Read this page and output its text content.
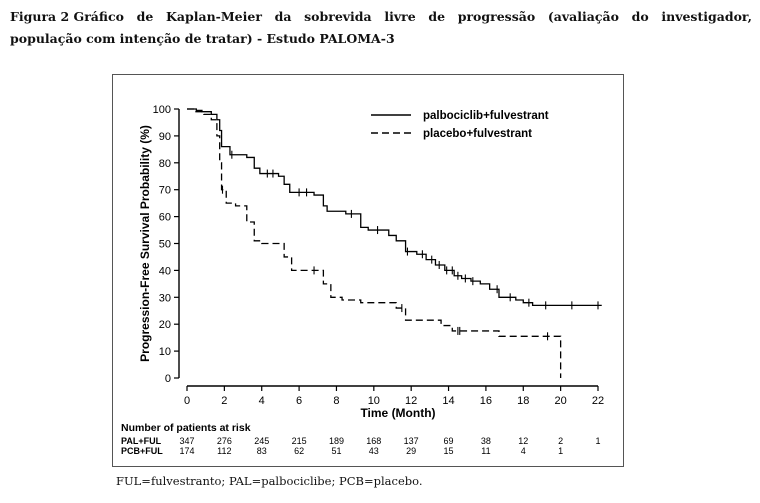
Figura 2 Gráfico de Kaplan-Meier da sobrevida livre de progressão (avaliação do investigador,
população com intenção de tratar) - Estudo PALOMA-3
0
10
20
30
40
50
60
70
80
90
100
0	2	4	6	8	10 12 14 16 18 20 22
Time (Month)
Progression-Free Survival Probability (%)
palbociclib+fulvestrant
placebo+fulvestrant
Number of patients at risk
PAL+FUL 347 276 245 215 189 168 137	69	38	12	2	1
PCB+FUL 174	112	83	62	51	43	29	15	11	4	1
FUL=fulvestranto; PAL=palbociclibe; PCB=placebo.
